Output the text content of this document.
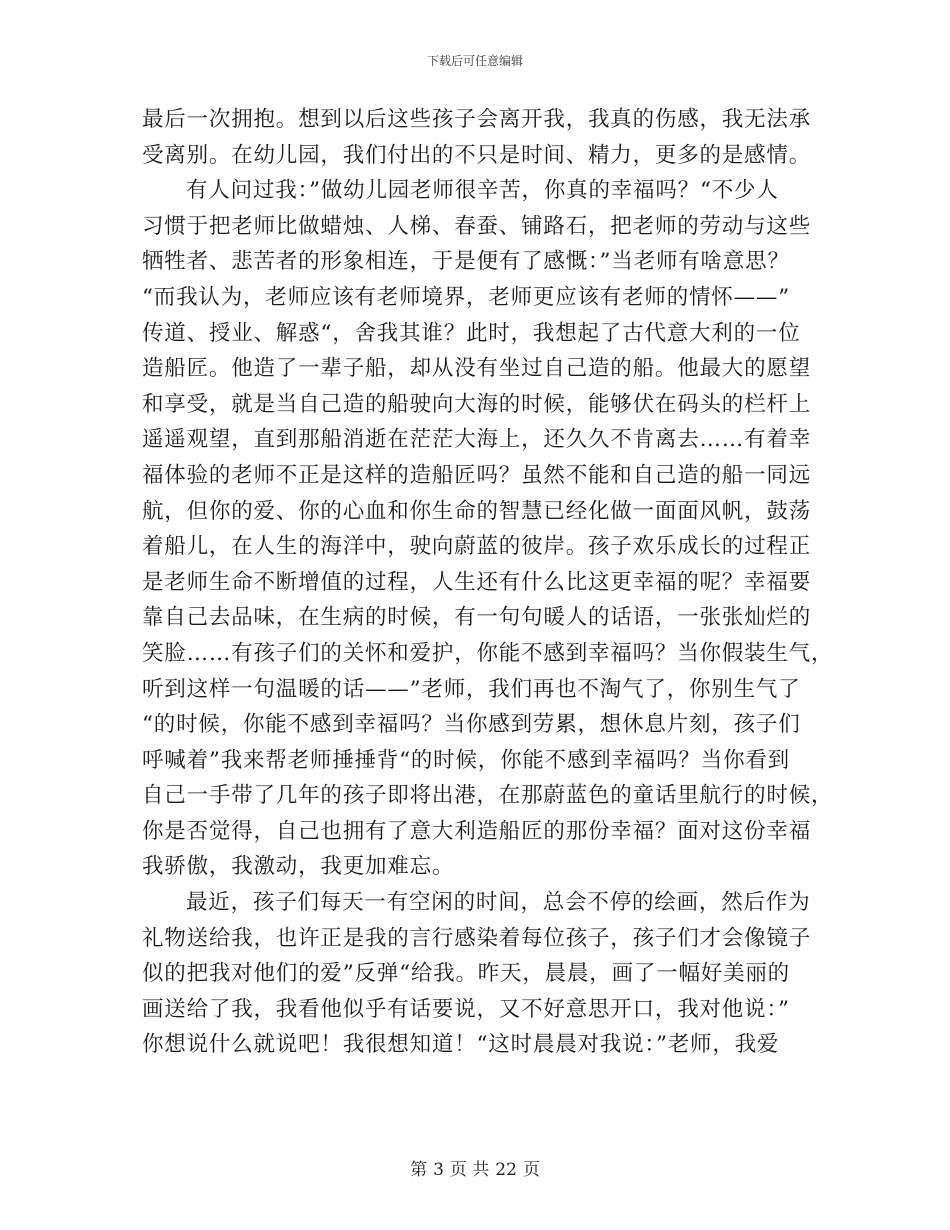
下载后可任意编辑
最后一次拥抱。想到以后这些孩子会离开我，我真的伤感，我无法承
受离别。在幼儿园，我们付出的不只是时间、精力，更多的是感情。
有人问过我：”做幼儿园老师很辛苦，你真的幸福吗？“不少人
习惯于把老师比做蜡烛、人梯、春蚕、铺路石，把老师的劳动与这些
牺牲者、悲苦者的形象相连，于是便有了感慨：”当老师有啥意思？
“而我认为，老师应该有老师境界，老师更应该有老师的情怀——”
传道、授业、解惑“，舍我其谁？此时，我想起了古代意大利的一位
造船匠。他造了一辈子船，却从没有坐过自己造的船。他最大的愿望
和享受，就是当自己造的船驶向大海的时候，能够伏在码头的栏杆上
遥遥观望，直到那船消逝在茫茫大海上，还久久不肯离去……有着幸
福体验的老师不正是这样的造船匠吗？虽然不能和自己造的船一同远
航，但你的爱、你的心血和你生命的智慧已经化做一面面风帆，鼓荡
着船儿，在人生的海洋中，驶向蔚蓝的彼岸。孩子欢乐成长的过程正
是老师生命不断增值的过程，人生还有什么比这更幸福的呢？幸福要
靠自己去品味，在生病的时候，有一句句暖人的话语，一张张灿烂的
笑脸……有孩子们的关怀和爱护，你能不感到幸福吗？当你假装生气，
听到这样一句温暖的话——”老师，我们再也不淘气了，你别生气了
“的时候，你能不感到幸福吗？当你感到劳累，想休息片刻，孩子们
呼喊着”我来帮老师捶捶背“的时候，你能不感到幸福吗？当你看到
自己一手带了几年的孩子即将出港，在那蔚蓝色的童话里航行的时候，
你是否觉得，自己也拥有了意大利造船匠的那份幸福？面对这份幸福
我骄傲，我激动，我更加难忘。
最近，孩子们每天一有空闲的时间，总会不停的绘画，然后作为
礼物送给我，也许正是我的言行感染着每位孩子，孩子们才会像镜子
似的把我对他们的爱”反弹“给我。昨天，晨晨，画了一幅好美丽的
画送给了我，我看他似乎有话要说，又不好意思开口，我对他说：”
你想说什么就说吧！我很想知道！“这时晨晨对我说：”老师，我爱
第 3 页 共 22 页
